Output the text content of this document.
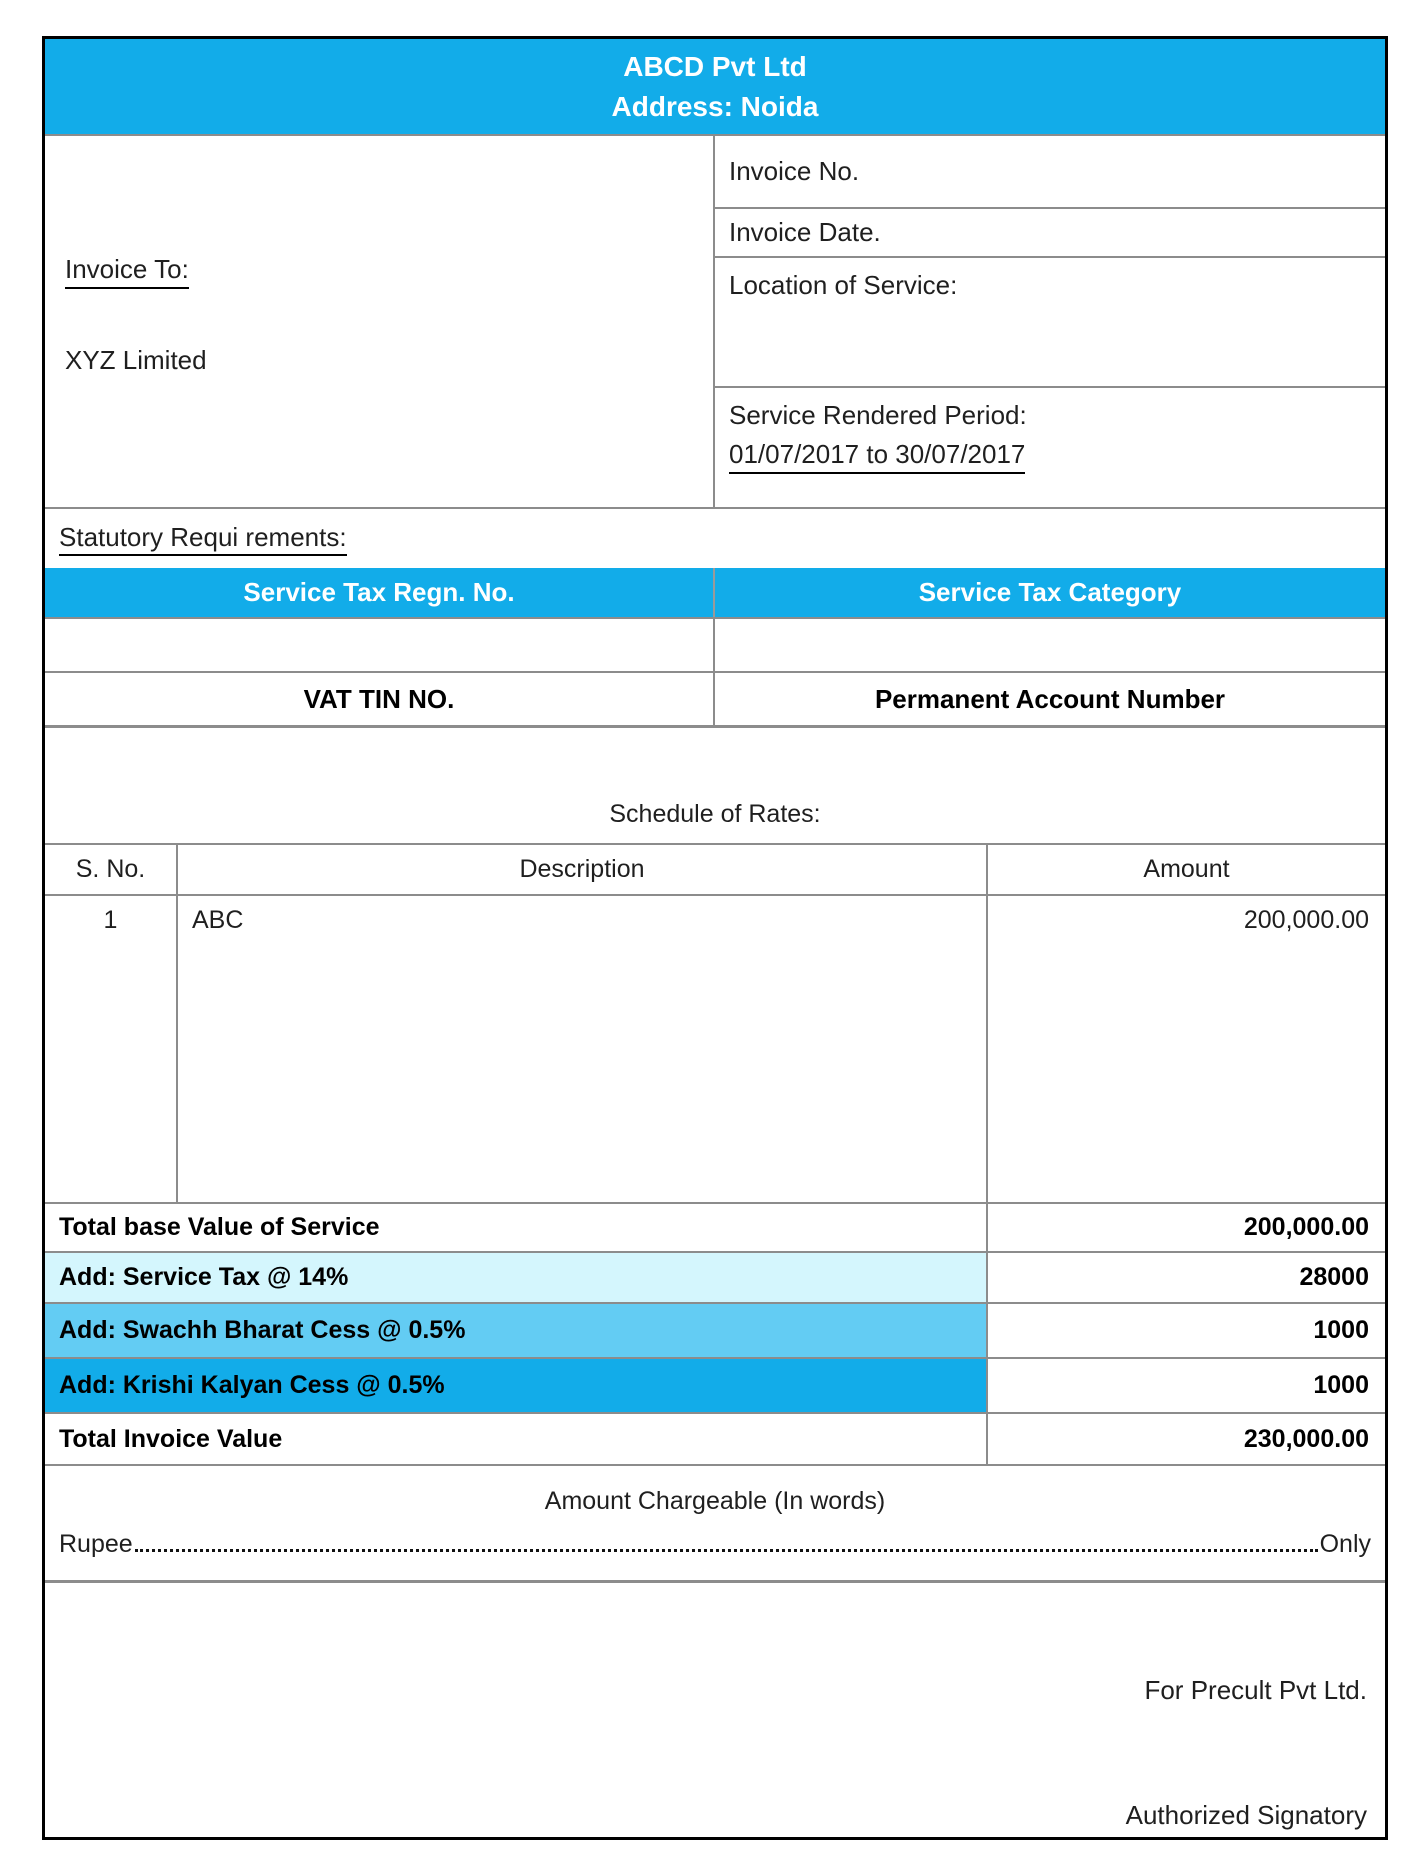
ABCD Pvt Ltd
Address: Noida
Invoice To:
XYZ Limited
Invoice No.
Invoice Date.
Location of Service:
Service Rendered Period:
01/07/2017 to 30/07/2017
Statutory Requi rements:
Service Tax Regn. No.	Service Tax Category
VAT TIN NO.	Permanent Account Number
Schedule of Rates:
S. No.	Description	Amount
1	ABC	200,000.00
Total base Value of Service	200,000.00
Add: Service Tax @ 14%	28000
Add: Swachh Bharat Cess @ 0.5%	1000
Add: Krishi Kalyan Cess @ 0.5%	1000
Total Invoice Value	230,000.00
Amount Chargeable (In words)
Rupee	Only
For Precult Pvt Ltd.
Authorized Signatory
